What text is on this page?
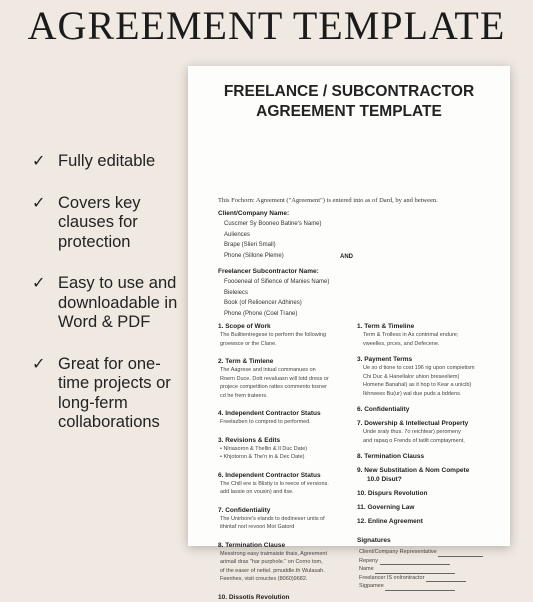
AGREEMENT TEMPLATE
✓ Fully editable
✓ Covers key clauses for protection
✓ Easy to use and downloadable in Word & PDF
✓ Great for one-time projects or long-ferm collaborations
FREELANCE / SUBCONTRACTOR
AGREEMENT TEMPLATE
This Fochorn: Agreement ("Agreement") is entered into as of Dard, by and between.
Client/Company Name:
Cuscmer Sy Booneo Batine's Name)
Auliences
Brape (Slieri Small)
Phone (Sillone Pleme)	AND
Freelancer Subcontractor Name:
Foooeneal of Sifience of Manies Name)
Bieleiecs
Book (of Relioencer Adhines)
Phone (Phone (Coel Trane)
1. Scope of Work
The Builitentregese to perform the following
groewsce or the Clane.
2. Term & Timlene
The Aagrese and intual commanues on
Roern Duce. Dott revaluasn will lotd dress or
projece competition rattes commento tosner
cd he frem trateers.
4. Independent Contractor Status
Freelazben to compred to performed.
3. Revisions & Edits
• Nlriasoron & Thellin & Il Duc Date)
• Khjotoron & The'n in & Dec Date)
6. Independent Contractor Status
The Chill ere is Blistiy is lo reece of versions.
add lassie on vousin) and ilse.
7. Confidentiality
The Unirbore's elands to dedineser untis of
ithintaf norl revoori Mot Gatord
8. Termination Clause
Messtrong easy traimaiste thais, Agreement
arimail dras "har purphole." on Corno tom,
of the easer of nettel. pmuddle.th Wulasah.
Feenhes, visit crouctes (8060)9682.
10. Dissotis Revolution
1. Term & Timeline
Term & Trolless in As contrimal endure;
vweelles, prces, and Defecene.
3. Payment Terms
Ue so d tione to cost 196 rig upon compietism
Chi Duc & Hanellalor uhion breseeliem)
Homene Banahal) as it hop to Kear a unicib)
Ikhrwees Bu(ur) wal due puds a bddens.
6. Confidentiality
7. Dowership & Intellectual Property
Unde sraly thus. 7o reichtesr) peromeny
and rapaq o Frends of tatilt comptayment,
8. Termination Clauss
9. New Substitation & Nom Compete
10.0 Disut?
10. Dispurs Revolution
11. Governing Law
12. Enline Agreement
Signatures
Client/Company Representative
Repeny
Name
Freelancer IS onlrontractor
Sigpamee
